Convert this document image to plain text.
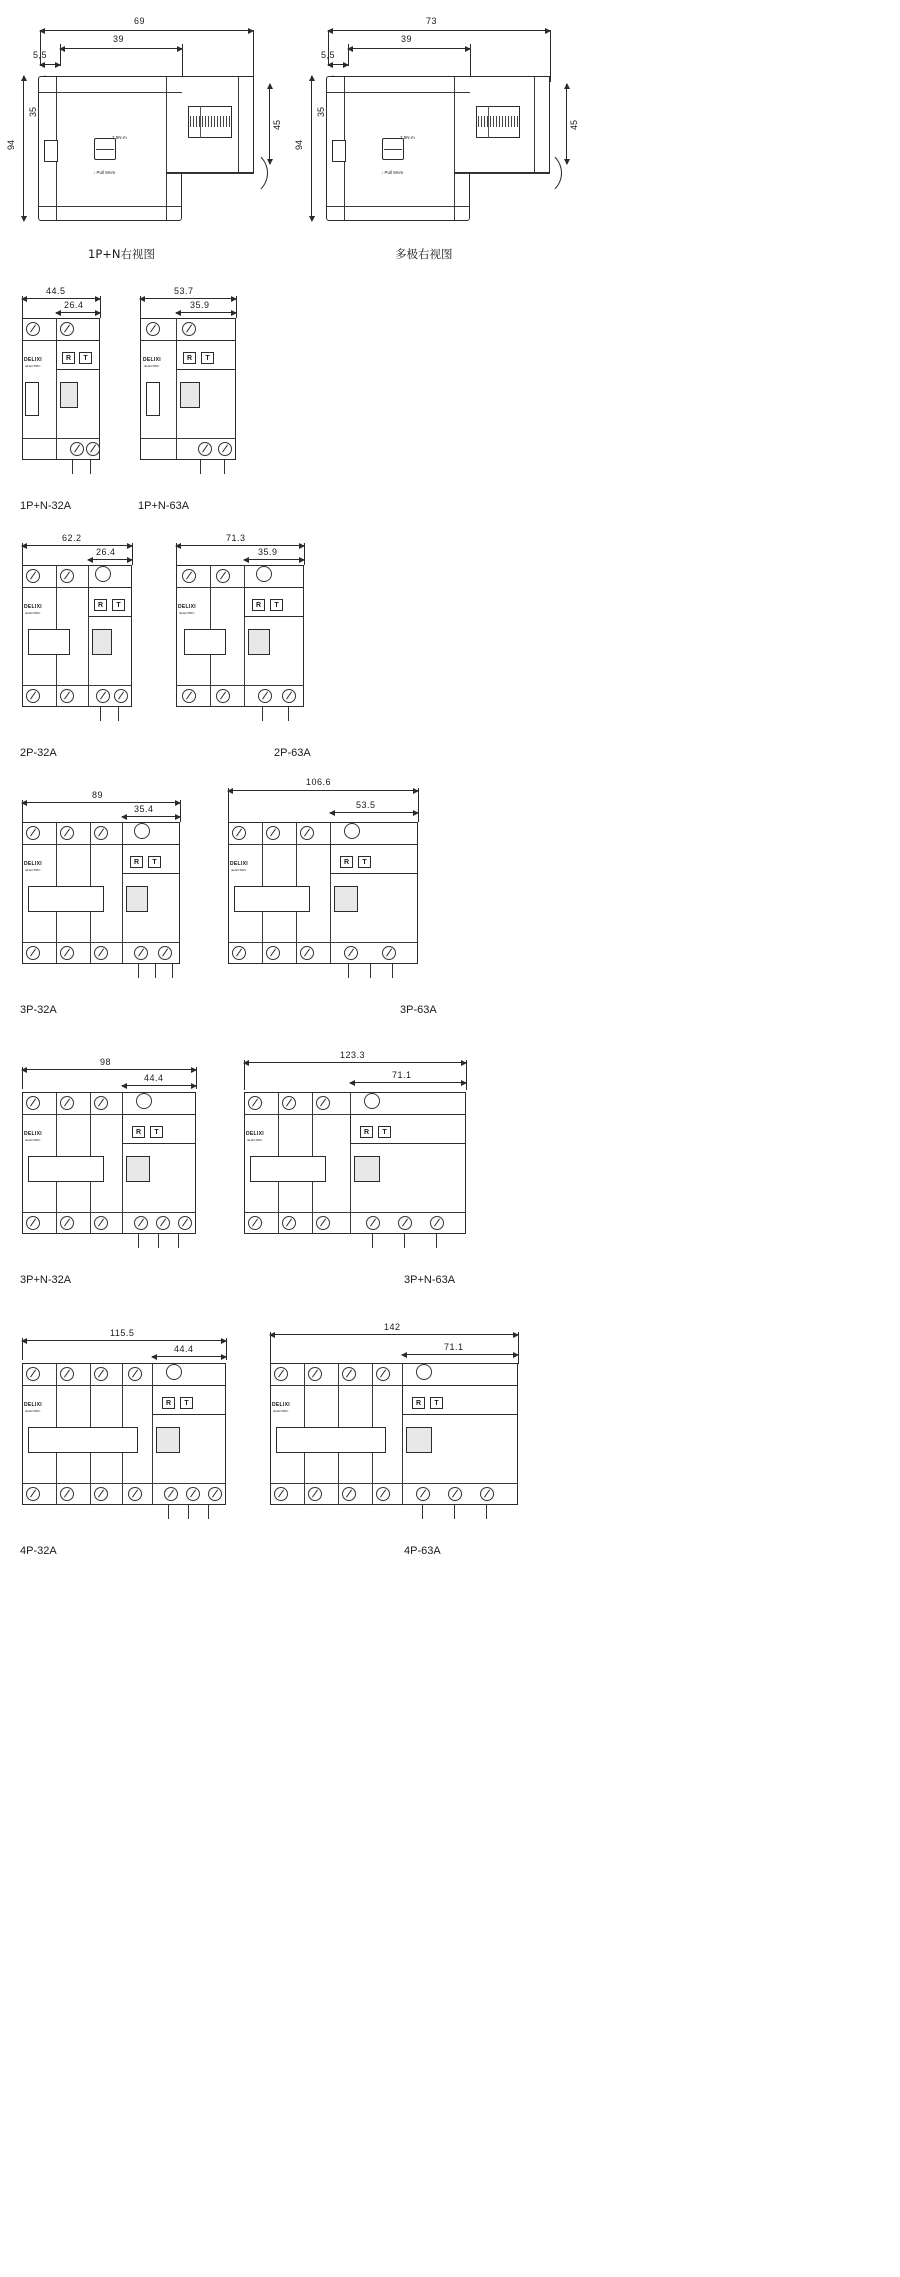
69
39
5,5
94
35
45
2.5N·m
↓ Pull 8mm
1P+N右视图
73
39
5,5
94
35
45
2.5N·m
↓ Pull 8mm
多极右视图
44.5
26.4
DELIXI
ELECTRIC
R	T
1P+N-32A
53.7
35.9
DELIXI
ELECTRIC
R	T
1P+N-63A
62.2
26.4
DELIXI
ELECTRIC
R	T
2P-32A
71.3
35.9
DELIXI
ELECTRIC
R	T
2P-63A
89
35.4
DELIXI
ELECTRIC
R	T
3P-32A
106.6
53.5
DELIXI
ELECTRIC
R	T
3P-63A
98
44.4
DELIXI
ELECTRIC
R	T
3P+N-32A
123.3
71.1
DELIXI
ELECTRIC
R	T
3P+N-63A
115.5
44.4
DELIXI
ELECTRIC
R	T
4P-32A
142
71.1
DELIXI
ELECTRIC
R	T
4P-63A
